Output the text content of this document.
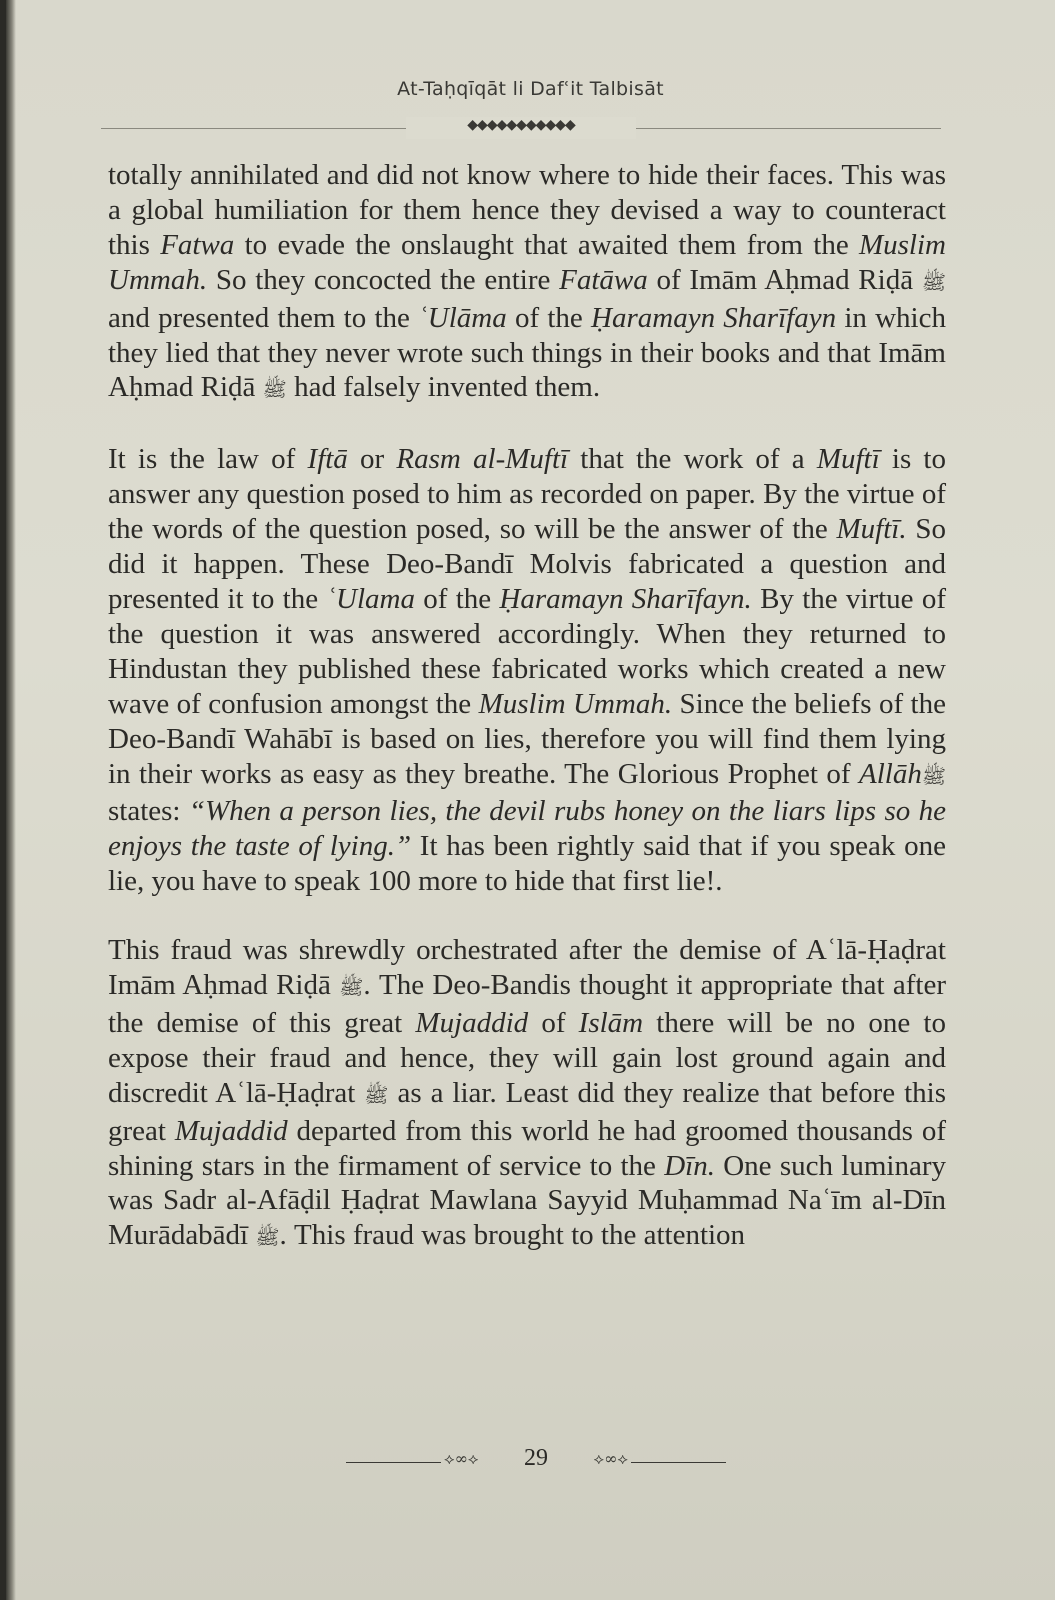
At-Taḥqīqāt li Dafʿit Talbisāt
◆◆◆◆◆◆◆◆◆◆◆

totally annihilated and did not know where to hide their faces. This was a global humiliation for them hence they devised a way to counteract this Fatwa to evade the onslaught that awaited them from the Muslim Ummah. So they concocted the entire Fatāwa of Imām Aḥmad Riḍā ﷺ and presented them to the ʿUlāma of the Ḥaramayn Sharīfayn in which they lied that they never wrote such things in their books and that Imām Aḥmad Riḍā ﷺ had falsely invented them.

It is the law of Iftā or Rasm al-Muftī that the work of a Muftī is to answer any question posed to him as recorded on paper. By the virtue of the words of the question posed, so will be the answer of the Muftī. So did it happen. These Deo-Bandī Molvis fabricated a question and presented it to the ʿUlama of the Ḥaramayn Sharīfayn. By the virtue of the question it was answered accordingly. When they returned to Hindustan they published these fabricated works which created a new wave of confusion amongst the Muslim Ummah. Since the beliefs of the Deo-Bandī Wahābī is based on lies, therefore you will find them lying in their works as easy as they breathe. The Glorious Prophet of Allāhﷺ states: “When a person lies, the devil rubs honey on the liars lips so he enjoys the taste of lying.” It has been rightly said that if you speak one lie, you have to speak 100 more to hide that first lie!.

This fraud was shrewdly orchestrated after the demise of Aʿlā-Ḥaḍrat Imām Aḥmad Riḍā ﷺ. The Deo-Bandis thought it appropriate that after the demise of this great Mujaddid of Islām there will be no one to expose their fraud and hence, they will gain lost ground again and discredit Aʿlā-Ḥaḍrat ﷺ as a liar. Least did they realize that before this great Mujaddid departed from this world he had groomed thousands of shining stars in the firmament of service to the Dīn. One such luminary was Sadr al-Afāḍil Ḥaḍrat Mawlana Sayyid Muḥammad Naʿīm al-Dīn Murādabādī ﷺ. This fraud was brought to the attention

⟡∞⟡	29	⟡∞⟡
